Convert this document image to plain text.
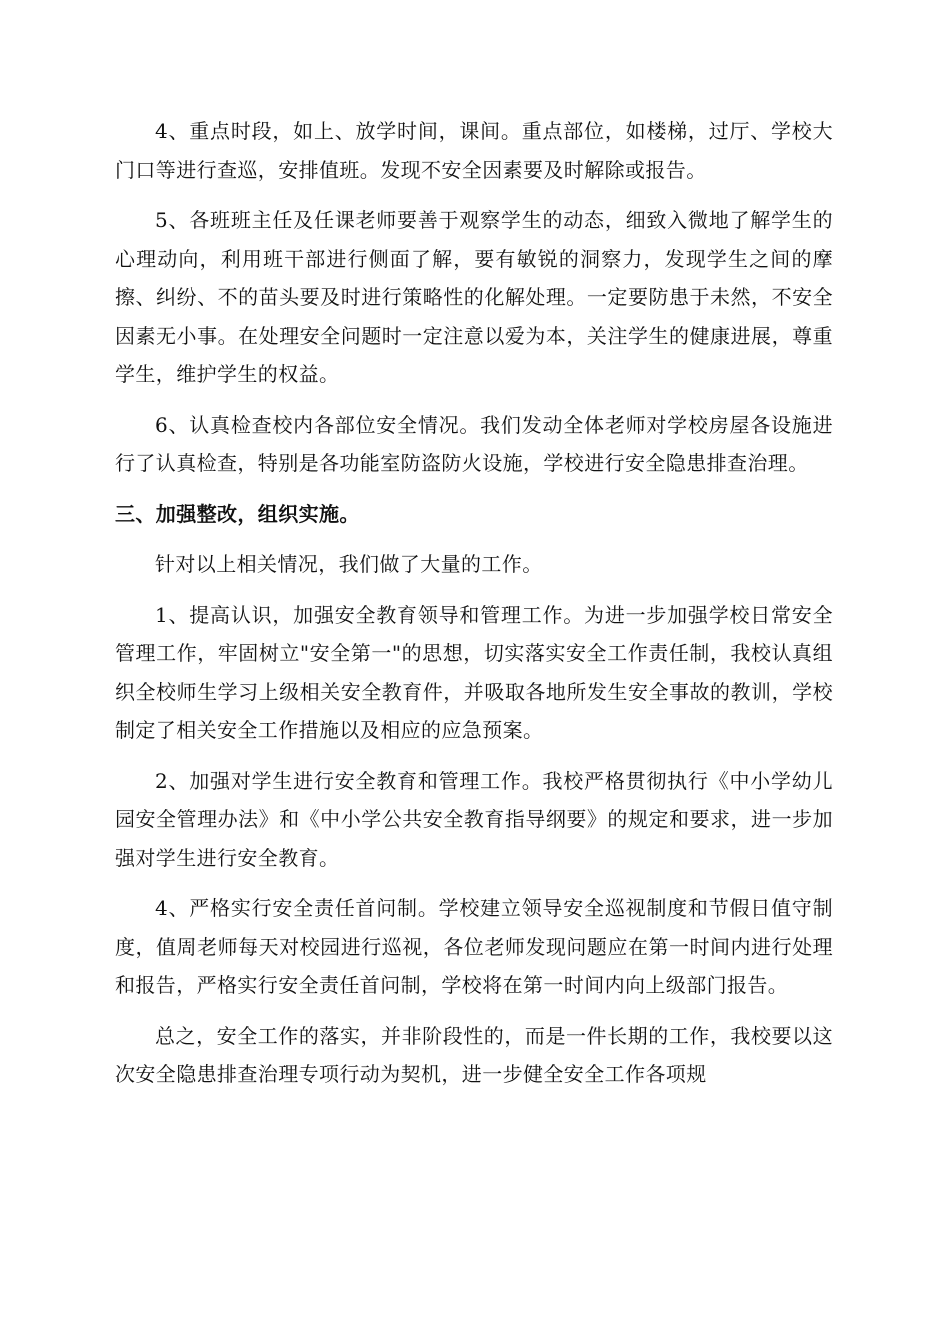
4、重点时段，如上、放学时间，课间。重点部位，如楼梯，过厅、学校大门口等进行查巡，安排值班。发现不安全因素要及时解除或报告。

5、各班班主任及任课老师要善于观察学生的动态，细致入微地了解学生的心理动向，利用班干部进行侧面了解，要有敏锐的洞察力，发现学生之间的摩擦、纠纷、不的苗头要及时进行策略性的化解处理。一定要防患于未然，不安全因素无小事。在处理安全问题时一定注意以爱为本，关注学生的健康进展，尊重学生，维护学生的权益。

6、认真检查校内各部位安全情况。我们发动全体老师对学校房屋各设施进行了认真检查，特别是各功能室防盗防火设施，学校进行安全隐患排查治理。

三、加强整改，组织实施。

针对以上相关情况，我们做了大量的工作。

1、提高认识，加强安全教育领导和管理工作。为进一步加强学校日常安全管理工作，牢固树立"安全第一"的思想，切实落实安全工作责任制，我校认真组织全校师生学习上级相关安全教育件，并吸取各地所发生安全事故的教训，学校制定了相关安全工作措施以及相应的应急预案。

2、加强对学生进行安全教育和管理工作。我校严格贯彻执行《中小学幼儿园安全管理办法》和《中小学公共安全教育指导纲要》的规定和要求，进一步加强对学生进行安全教育。

4、严格实行安全责任首问制。学校建立领导安全巡视制度和节假日值守制度，值周老师每天对校园进行巡视，各位老师发现问题应在第一时间内进行处理和报告，严格实行安全责任首问制，学校将在第一时间内向上级部门报告。

总之，安全工作的落实，并非阶段性的，而是一件长期的工作，我校要以这次安全隐患排查治理专项行动为契机，进一步健全安全工作各项规
